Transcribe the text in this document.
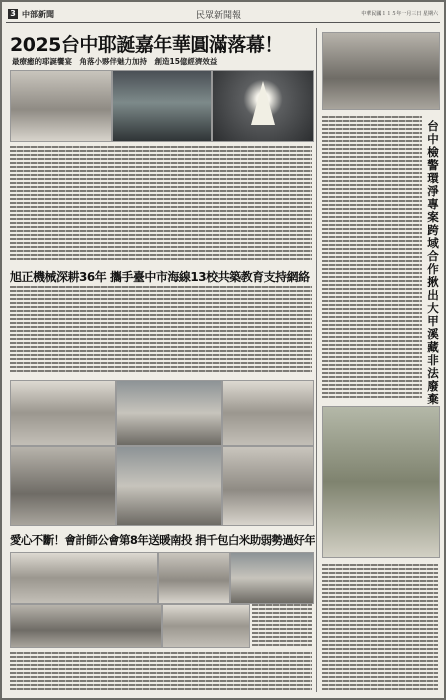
3 中部新聞	民眾新聞報	中華民國１１５年一月三日 星期六
2025台中耶誕嘉年華圓滿落幕！
最療癒的耶誕饗宴　角落小夥伴魅力加持　創造15億經濟效益
台中檢警環淨專案跨域合作 揪出大甲溪藏非法廢棄
旭正機械深耕36年 攜手臺中市海線13校共築教育支持網絡
愛心不斷！會計師公會第8年送暖南投 捐千包白米助弱勢過好年
